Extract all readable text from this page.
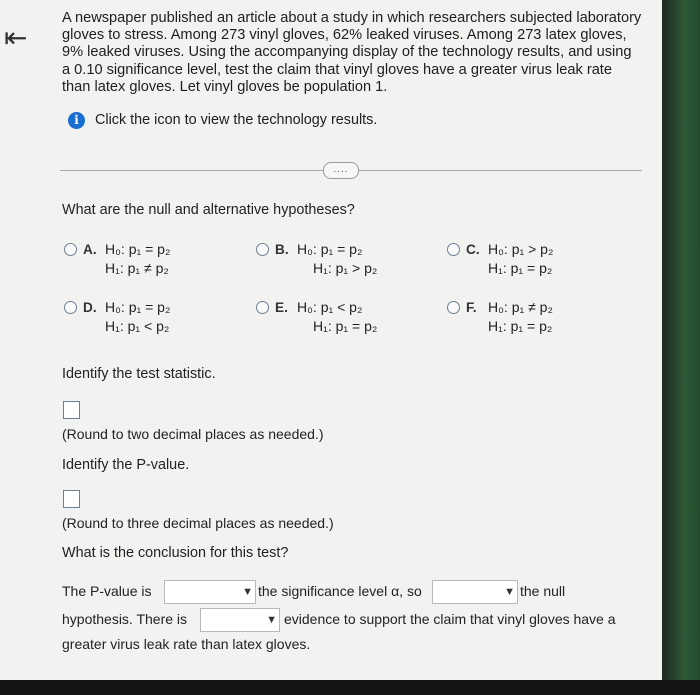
⇤
A newspaper published an article about a study in which researchers subjected laboratory gloves to stress. Among 273 vinyl gloves, 62% leaked viruses. Among 273 latex gloves, 9% leaked viruses. Using the accompanying display of the technology results, and using a 0.10 significance level, test the claim that vinyl gloves have a greater virus leak rate than latex gloves. Let vinyl gloves be population 1.
i	Click the icon to view the technology results.
....
What are the null and alternative hypotheses?
A. H₀: p₁ = p₂
H₁: p₁ ≠ p₂
B. H₀: p₁ = p₂
H₁: p₁ > p₂
C. H₀: p₁ > p₂
H₁: p₁ = p₂
D. H₀: p₁ = p₂
H₁: p₁ < p₂
E. H₀: p₁ < p₂
H₁: p₁ = p₂
F. H₀: p₁ ≠ p₂
H₁: p₁ = p₂
Identify the test statistic.
(Round to two decimal places as needed.)
Identify the P-value.
(Round to three decimal places as needed.)
What is the conclusion for this test?
The P-value is	▼ the significance level α, so	▼ the null
hypothesis. There is	▼ evidence to support the claim that vinyl gloves have a
greater virus leak rate than latex gloves.
